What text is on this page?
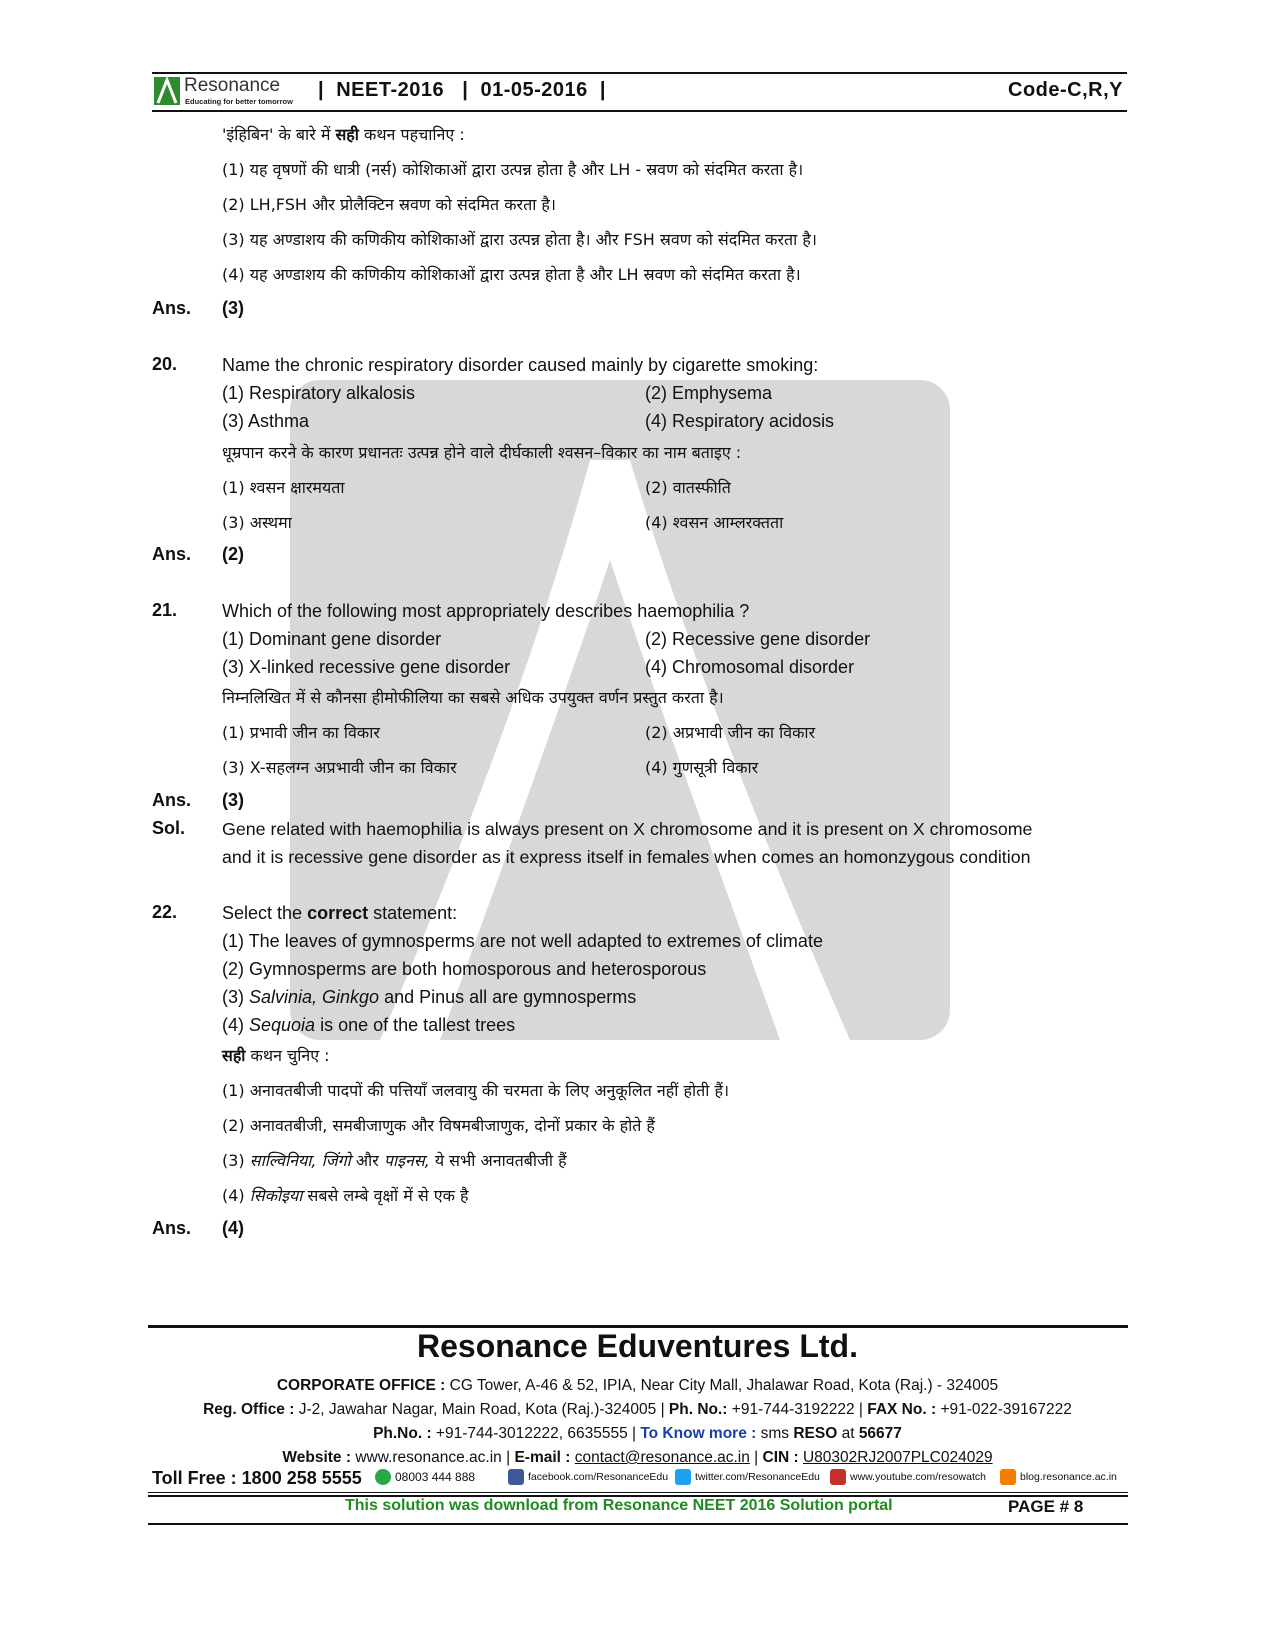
Resonance
Educating for better tomorrow
|  NEET-2016   |  01-05-2016  |	Code-C,R,Y
'इंहिबिन' के बारे में सही कथन पहचानिए :
(1) यह वृषणों की धात्री (नर्स) कोशिकाओं द्वारा उत्पन्न होता है और LH - स्रवण को संदमित करता है।
(2) LH,FSH और प्रोलैक्टिन स्रवण को संदमित करता है।
(3) यह अण्डाशय की कणिकीय कोशिकाओं द्वारा उत्पन्न होता है। और FSH स्रवण को संदमित करता है।
(4) यह अण्डाशय की कणिकीय कोशिकाओं द्वारा उत्पन्न होता है और LH स्रवण को संदमित करता है।
Ans. (3)
20. Name the chronic respiratory disorder caused mainly by cigarette smoking:
(1) Respiratory alkalosis	(2) Emphysema
(3) Asthma	(4) Respiratory acidosis
धूम्रपान करने के कारण प्रधानतः उत्पन्न होने वाले दीर्घकाली श्वसन–विकार का नाम बताइए :
(1) श्वसन क्षारमयता	(2) वातस्फीति
(3) अस्थमा	(4) श्वसन आम्लरक्तता
Ans. (2)
21. Which of the following most appropriately describes haemophilia ?
(1) Dominant gene disorder	(2) Recessive gene disorder
(3) X-linked recessive gene disorder	(4) Chromosomal disorder
निम्नलिखित में से कौनसा हीमोफीलिया का सबसे अधिक उपयुक्त वर्णन प्रस्तुत करता है।
(1) प्रभावी जीन का विकार	(2) अप्रभावी जीन का विकार
(3) X-सहलग्न अप्रभावी जीन का विकार	(4) गुणसूत्री विकार
Ans. (3)
Sol. Gene related with haemophilia is always present on X chromosome and it is present on X chromosome
and it is recessive gene disorder as it express itself in females when comes an homonzygous condition
22. Select the correct statement:
(1) The leaves of gymnosperms are not well adapted to extremes of climate
(2) Gymnosperms are both homosporous and heterosporous
(3) Salvinia, Ginkgo and Pinus all are gymnosperms
(4) Sequoia is one of the tallest trees
सही कथन चुनिए :
(1) अनावतबीजी पादपों की पत्तियाँ जलवायु की चरमता के लिए अनुकूलित नहीं होती हैं।
(2) अनावतबीजी, समबीजाणुक और विषमबीजाणुक, दोनों प्रकार के होते हैं
(3) साल्विनिया, जिंगो और पाइनस, ये सभी अनावतबीजी हैं
(4) सिकोइया सबसे लम्बे वृक्षों में से एक है
Ans. (4)
Resonance Eduventures Ltd.
CORPORATE OFFICE : CG Tower, A-46 & 52, IPIA, Near City Mall, Jhalawar Road, Kota (Raj.) - 324005
Reg. Office : J-2, Jawahar Nagar, Main Road, Kota (Raj.)-324005 | Ph. No.: +91-744-3192222 | FAX No. : +91-022-39167222
Ph.No. : +91-744-3012222, 6635555 | To Know more : sms RESO at 56677
Website : www.resonance.ac.in | E-mail : contact@resonance.ac.in | CIN : U80302RJ2007PLC024029
Toll Free : 1800 258 5555	08003 444 888	facebook.com/ResonanceEdu	twitter.com/ResonanceEdu	www.youtube.com/resowatch	blog.resonance.ac.in
This solution was download from Resonance NEET 2016 Solution portal	PAGE # 8
